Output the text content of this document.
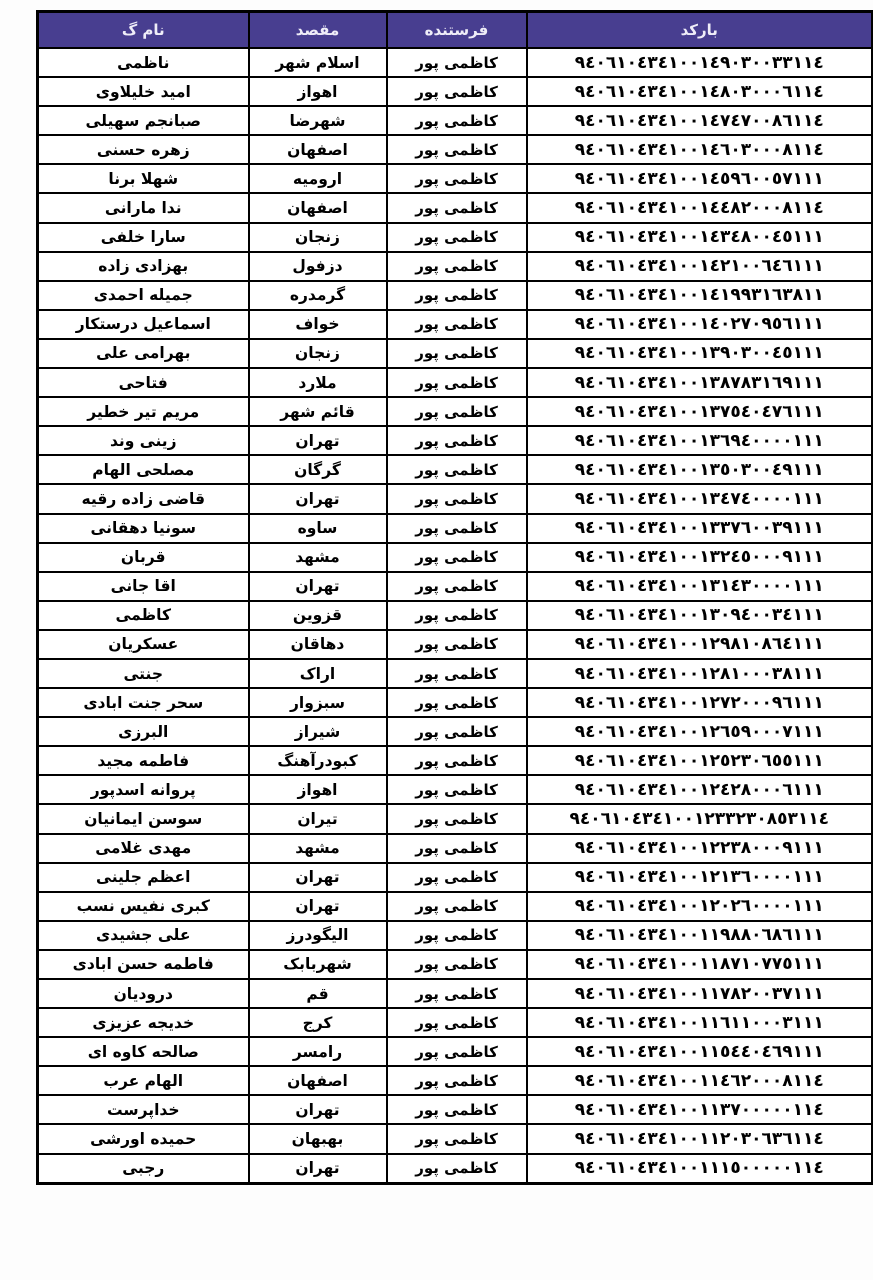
بارکد	فرستنده	مقصد	نام گ
٩٤٠٦١٠٤٣٤١٠٠١٤٩٠٣٠٠٣٣١١٤	کاظمی پور	اسلام شهر	ناظمی
٩٤٠٦١٠٤٣٤١٠٠١٤٨٠٣٠٠٠٦١١٤	کاظمی پور	اهواز	امید خلیلاوی
٩٤٠٦١٠٤٣٤١٠٠١٤٧٤٧٠٠٨٦١١٤	کاظمی پور	شهرضا	صبانجم سهیلی
٩٤٠٦١٠٤٣٤١٠٠١٤٦٠٣٠٠٠٨١١٤	کاظمی پور	اصفهان	زهره حسنی
٩٤٠٦١٠٤٣٤١٠٠١٤٥٩٦٠٠٥٧١١١	کاظمی پور	ارومیه	شهلا برنا
٩٤٠٦١٠٤٣٤١٠٠١٤٤٨٢٠٠٠٨١١٤	کاظمی پور	اصفهان	ندا مارانی
٩٤٠٦١٠٤٣٤١٠٠١٤٣٤٨٠٠٤٥١١١	کاظمی پور	زنجان	سارا خلفی
٩٤٠٦١٠٤٣٤١٠٠١٤٢١٠٠٦٤٦١١١	کاظمی پور	دزفول	بهزادی زاده
٩٤٠٦١٠٤٣٤١٠٠١٤١٩٩٣١٦٣٨١١	کاظمی پور	گرمدره	جمیله احمدی
٩٤٠٦١٠٤٣٤١٠٠١٤٠٢٧٠٩٥٦١١١	کاظمی پور	خواف	اسماعیل درستکار
٩٤٠٦١٠٤٣٤١٠٠١٣٩٠٣٠٠٤٥١١١	کاظمی پور	زنجان	بهرامی علی
٩٤٠٦١٠٤٣٤١٠٠١٣٨٧٨٣١٦٩١١١	کاظمی پور	ملارد	فتاحی
٩٤٠٦١٠٤٣٤١٠٠١٣٧٥٤٠٤٧٦١١١	کاظمی پور	قائم شهر	مریم تیر خطیر
٩٤٠٦١٠٤٣٤١٠٠١٣٦٩٤٠٠٠٠١١١	کاظمی پور	تهران	زینی وند
٩٤٠٦١٠٤٣٤١٠٠١٣٥٠٣٠٠٤٩١١١	کاظمی پور	گرگان	مصلحی الهام
٩٤٠٦١٠٤٣٤١٠٠١٣٤٧٤٠٠٠٠١١١	کاظمی پور	تهران	قاضی زاده رقیه
٩٤٠٦١٠٤٣٤١٠٠١٣٣٧٦٠٠٣٩١١١	کاظمی پور	ساوه	سونیا دهقانی
٩٤٠٦١٠٤٣٤١٠٠١٣٢٤٥٠٠٠٩١١١	کاظمی پور	مشهد	قربان
٩٤٠٦١٠٤٣٤١٠٠١٣١٤٣٠٠٠٠١١١	کاظمی پور	تهران	اقا جانی
٩٤٠٦١٠٤٣٤١٠٠١٣٠٩٤٠٠٣٤١١١	کاظمی پور	قزوین	کاظمی
٩٤٠٦١٠٤٣٤١٠٠١٢٩٨١٠٨٦٤١١١	کاظمی پور	دهاقان	عسکریان
٩٤٠٦١٠٤٣٤١٠٠١٢٨١٠٠٠٣٨١١١	کاظمی پور	اراک	جنتی
٩٤٠٦١٠٤٣٤١٠٠١٢٧٢٠٠٠٩٦١١١	کاظمی پور	سبزوار	سحر جنت ابادی
٩٤٠٦١٠٤٣٤١٠٠١٢٦٥٩٠٠٠٧١١١	کاظمی پور	شیراز	البرزی
٩٤٠٦١٠٤٣٤١٠٠١٢٥٢٣٠٦٥٥١١١	کاظمی پور	کبودرآهنگ	فاطمه مجید
٩٤٠٦١٠٤٣٤١٠٠١٢٤٢٨٠٠٠٦١١١	کاظمی پور	اهواز	پروانه اسدپور
٩٤٠٦١٠٤٣٤١٠٠١٢٣٣٢٣٠٨٥٣١١٤	کاظمی پور	تیران	سوسن ایمانیان
٩٤٠٦١٠٤٣٤١٠٠١٢٢٣٨٠٠٠٩١١١	کاظمی پور	مشهد	مهدی غلامی
٩٤٠٦١٠٤٣٤١٠٠١٢١٣٦٠٠٠٠١١١	کاظمی پور	تهران	اعظم جلینی
٩٤٠٦١٠٤٣٤١٠٠١٢٠٢٦٠٠٠٠١١١	کاظمی پور	تهران	کبری نفیس نسب
٩٤٠٦١٠٤٣٤١٠٠١١٩٨٨٠٦٨٦١١١	کاظمی پور	الیگودرز	علی جشیدی
٩٤٠٦١٠٤٣٤١٠٠١١٨٧١٠٧٧٥١١١	کاظمی پور	شهربابک	فاطمه حسن ابادی
٩٤٠٦١٠٤٣٤١٠٠١١٧٨٢٠٠٣٧١١١	کاظمی پور	قم	درودیان
٩٤٠٦١٠٤٣٤١٠٠١١٦١١٠٠٠٣١١١	کاظمی پور	کرج	خدیجه عزیزی
٩٤٠٦١٠٤٣٤١٠٠١١٥٤٤٠٤٦٩١١١	کاظمی پور	رامسر	صالحه کاوه ای
٩٤٠٦١٠٤٣٤١٠٠١١٤٦٢٠٠٠٨١١٤	کاظمی پور	اصفهان	الهام عرب
٩٤٠٦١٠٤٣٤١٠٠١١٣٧٠٠٠٠٠١١٤	کاظمی پور	تهران	خداپرست
٩٤٠٦١٠٤٣٤١٠٠١١٢٠٣٠٦٣٦١١٤	کاظمی پور	بهبهان	حمیده اورشی
٩٤٠٦١٠٤٣٤١٠٠١١١٥٠٠٠٠٠١١٤	کاظمی پور	تهران	رجبی
